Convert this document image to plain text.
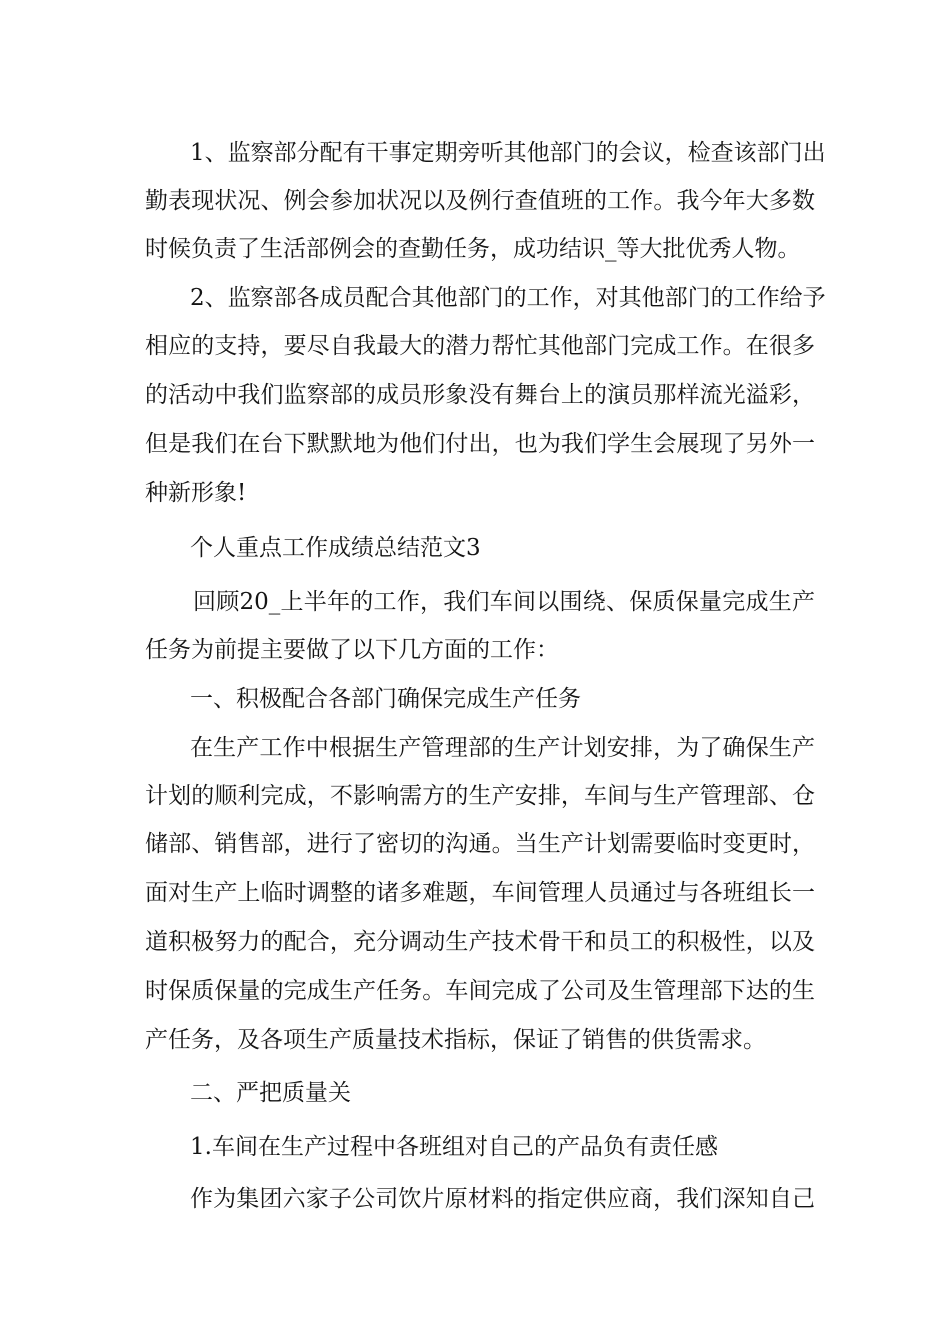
1、监察部分配有干事定期旁听其他部门的会议，检查该部门出
勤表现状况、例会参加状况以及例行查值班的工作。我今年大多数
时候负责了生活部例会的查勤任务，成功结识_等大批优秀人物。
2、监察部各成员配合其他部门的工作，对其他部门的工作给予
相应的支持，要尽自我最大的潜力帮忙其他部门完成工作。在很多
的活动中我们监察部的成员形象没有舞台上的演员那样流光溢彩，
但是我们在台下默默地为他们付出，也为我们学生会展现了另外一
种新形象!
个人重点工作成绩总结范文3
回顾20_上半年的工作，我们车间以围绕、保质保量完成生产
任务为前提主要做了以下几方面的工作：
一、积极配合各部门确保完成生产任务
在生产工作中根据生产管理部的生产计划安排，为了确保生产
计划的顺利完成，不影响需方的生产安排，车间与生产管理部、仓
储部、销售部，进行了密切的沟通。当生产计划需要临时变更时，
面对生产上临时调整的诸多难题，车间管理人员通过与各班组长一
道积极努力的配合，充分调动生产技术骨干和员工的积极性，以及
时保质保量的完成生产任务。车间完成了公司及生管理部下达的生
产任务，及各项生产质量技术指标，保证了销售的供货需求。
二、严把质量关
1.车间在生产过程中各班组对自己的产品负有责任感
作为集团六家子公司饮片原材料的指定供应商，我们深知自己
